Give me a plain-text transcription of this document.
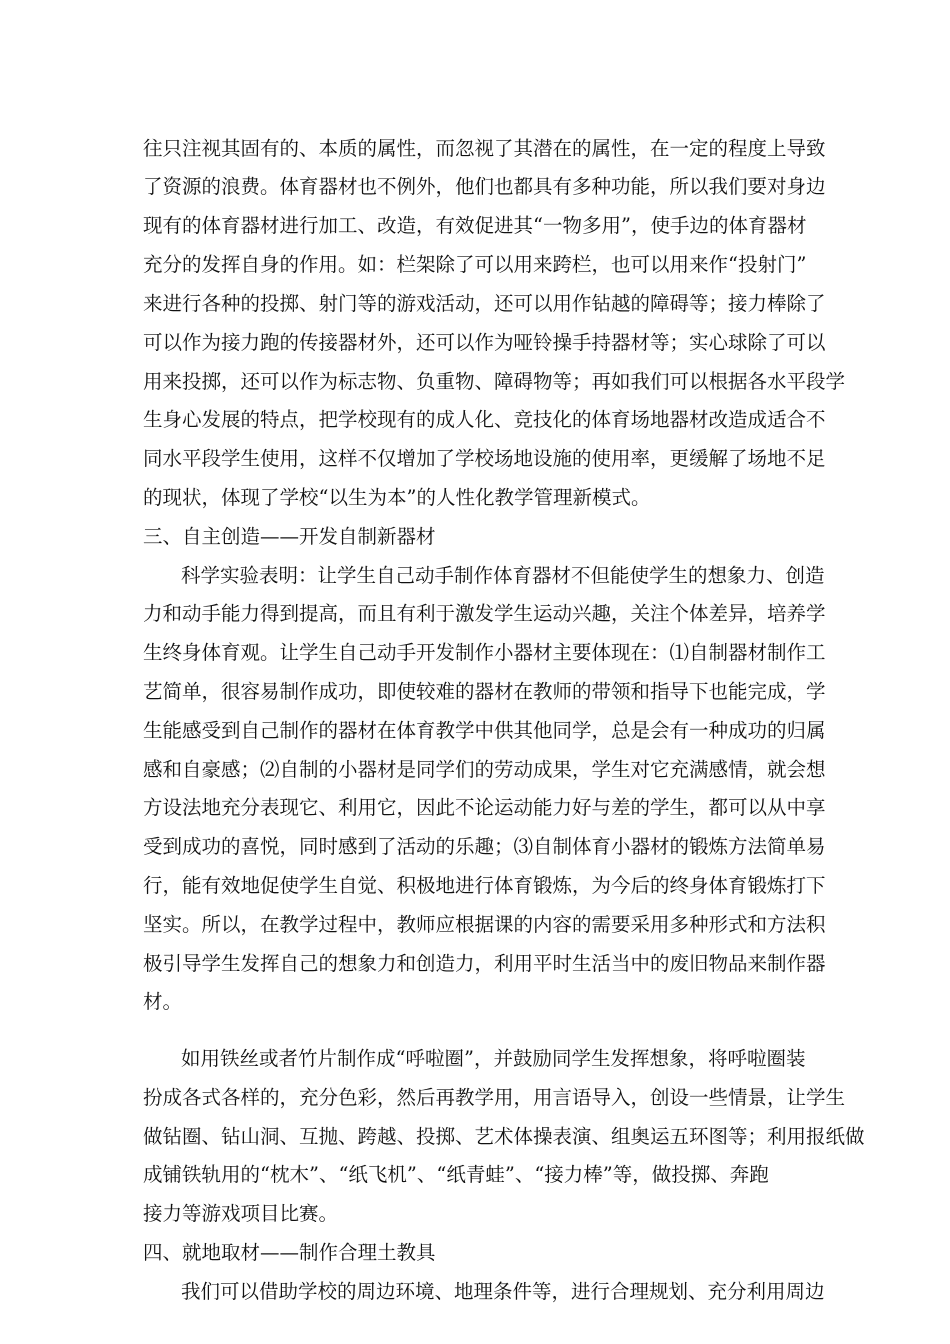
往只注视其固有的、本质的属性，而忽视了其潜在的属性，在一定的程度上导致
了资源的浪费。体育器材也不例外，他们也都具有多种功能，所以我们要对身边
现有的体育器材进行加工、改造，有效促进其“一物多用”，使手边的体育器材
充分的发挥自身的作用。如：栏架除了可以用来跨栏，也可以用来作“投射门”
来进行各种的投掷、射门等的游戏活动，还可以用作钻越的障碍等；接力棒除了
可以作为接力跑的传接器材外，还可以作为哑铃操手持器材等；实心球除了可以
用来投掷，还可以作为标志物、负重物、障碍物等；再如我们可以根据各水平段学
生身心发展的特点，把学校现有的成人化、竞技化的体育场地器材改造成适合不
同水平段学生使用，这样不仅增加了学校场地设施的使用率，更缓解了场地不足
的现状，体现了学校“以生为本”的人性化教学管理新模式。
三、自主创造——开发自制新器材
科学实验表明：让学生自己动手制作体育器材不但能使学生的想象力、创造
力和动手能力得到提高，而且有利于激发学生运动兴趣，关注个体差异，培养学
生终身体育观。让学生自己动手开发制作小器材主要体现在：⑴自制器材制作工
艺简单，很容易制作成功，即使较难的器材在教师的带领和指导下也能完成，学
生能感受到自己制作的器材在体育教学中供其他同学，总是会有一种成功的归属
感和自豪感；⑵自制的小器材是同学们的劳动成果，学生对它充满感情，就会想
方设法地充分表现它、利用它，因此不论运动能力好与差的学生，都可以从中享
受到成功的喜悦，同时感到了活动的乐趣；⑶自制体育小器材的锻炼方法简单易
行，能有效地促使学生自觉、积极地进行体育锻炼，为今后的终身体育锻炼打下
坚实。所以，在教学过程中，教师应根据课的内容的需要采用多种形式和方法积
极引导学生发挥自己的想象力和创造力，利用平时生活当中的废旧物品来制作器
材。
如用铁丝或者竹片制作成“呼啦圈”，并鼓励同学生发挥想象，将呼啦圈装
扮成各式各样的，充分色彩，然后再教学用，用言语导入，创设一些情景，让学生
做钻圈、钻山洞、互抛、跨越、投掷、艺术体操表演、组奥运五环图等；利用报纸做
成铺铁轨用的“枕木”、“纸飞机”、“纸青蛙”、“接力棒”等，做投掷、奔跑
接力等游戏项目比赛。
四、就地取材——制作合理土教具
我们可以借助学校的周边环境、地理条件等，进行合理规划、充分利用周边
